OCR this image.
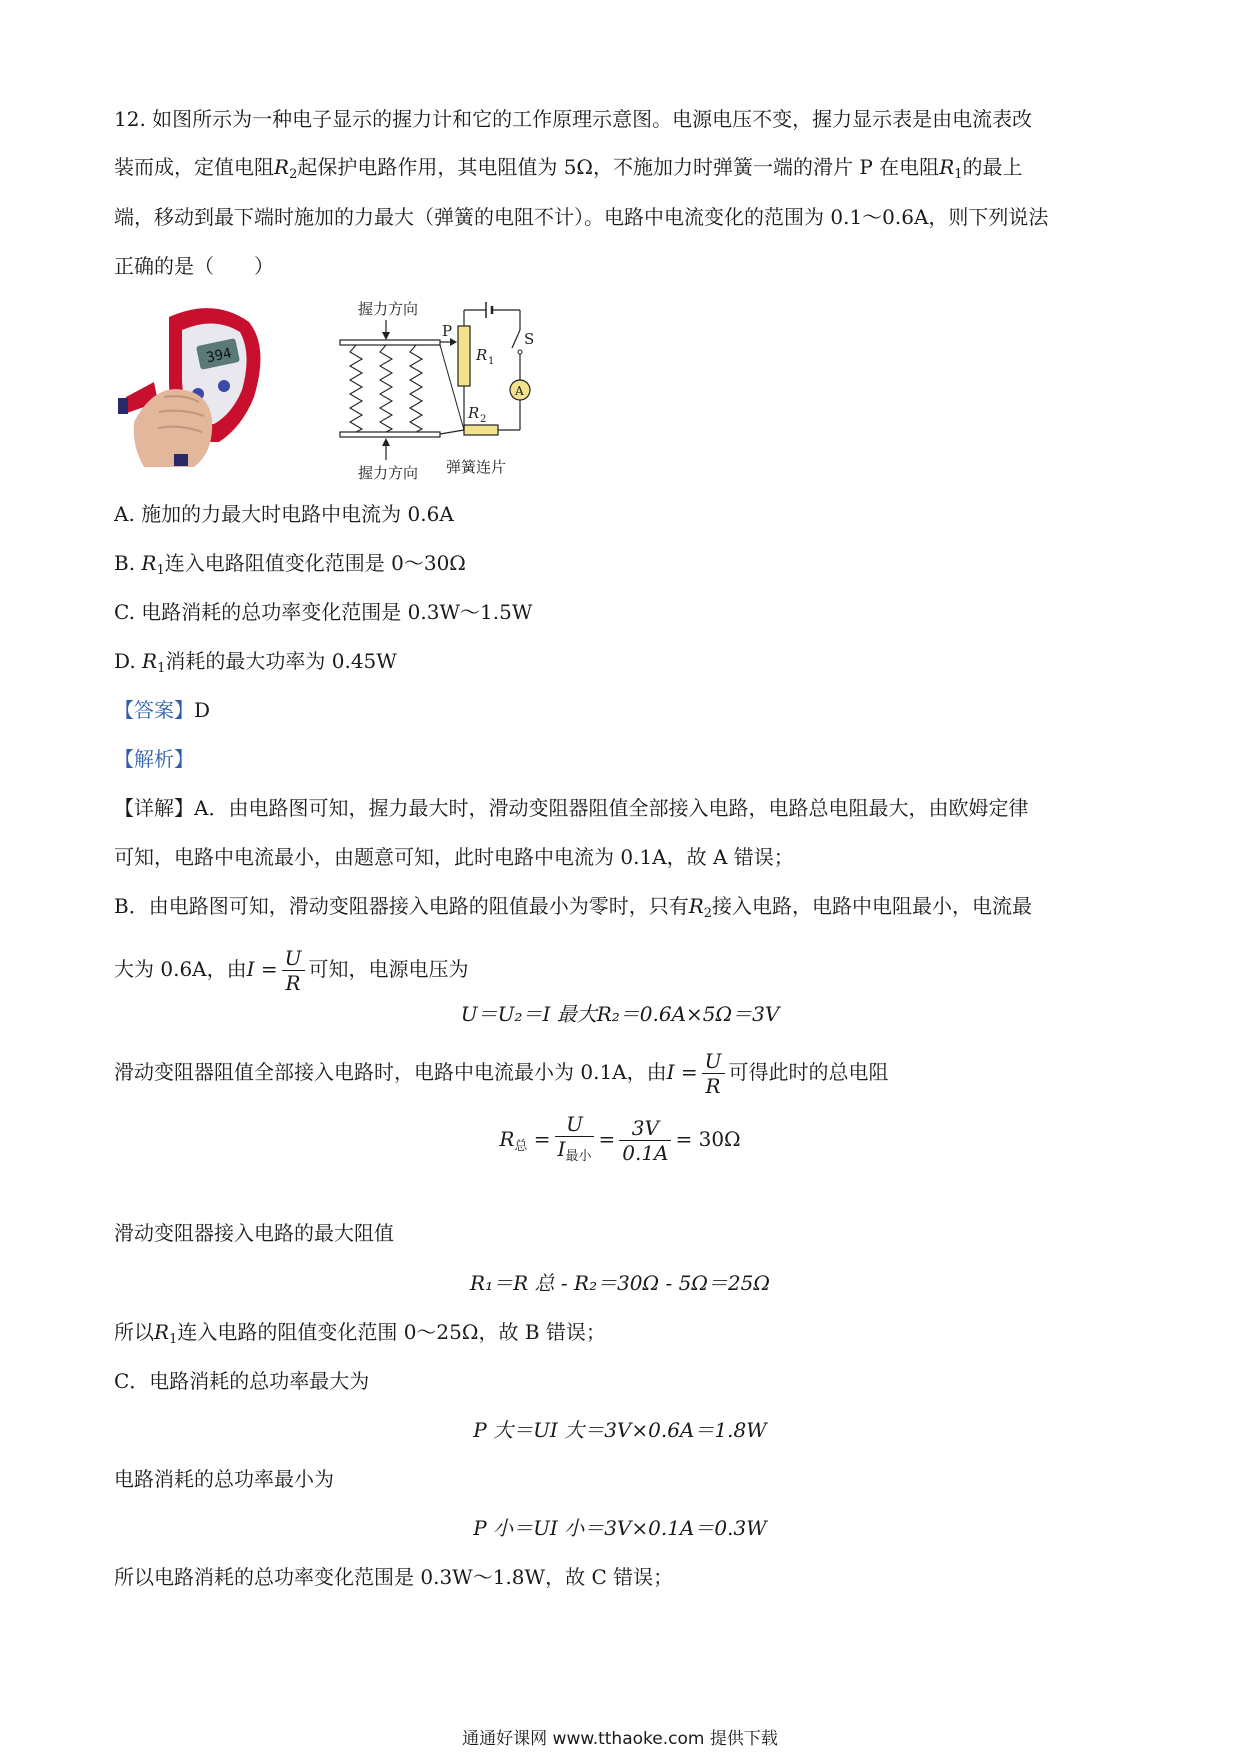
12. 如图所示为一种电子显示的握力计和它的工作原理示意图。电源电压不变，握力显示表是由电流表改
装而成，定值电阻$R_2$起保护电路作用，其电阻值为 5Ω，不施加力时弹簧一端的滑片 P 在电阻$R_1$的最上
端，移动到最下端时施加的力最大（弹簧的电阻不计）。电路中电流变化的范围为 0.1～0.6A，则下列说法
正确的是（　　）
394
握力方向
P
R 1
S
A
R 2
握力方向 弹簧连片
A. 施加的力最大时电路中电流为 0.6A
B. $R_1$连入电路阻值变化范围是 0～30Ω
C. 电路消耗的总功率变化范围是 0.3W～1.5W
D. $R_1$消耗的最大功率为 0.45W
【答案】D
【解析】
【详解】A．由电路图可知，握力最大时，滑动变阻器阻值全部接入电路，电路总电阻最大，由欧姆定律
可知，电路中电流最小，由题意可知，此时电路中电流为 0.1A，故 A 错误；
B．由电路图可知，滑动变阻器接入电路的阻值最小为零时，只有$R_2$接入电路，电路中电阻最小，电流最
大为 0.6A，由$I = \frac{U}{R}$ 可知，电源电压为
U＝U₂＝I 最大R₂＝0.6A×5Ω＝3V
滑动变阻器阻值全部接入电路时，电路中电流最小为 0.1A，由$I = \frac{U}{R}$ 可得此时的总电阻
$R_总 = \frac{U}{I_{最小}} = \frac{3V}{0.1A} = 30\Omega$
滑动变阻器接入电路的最大阻值
R₁＝R 总 - R₂＝30Ω - 5Ω＝25Ω
所以$R_1$连入电路的阻值变化范围 0～25Ω，故 B 错误；
C．电路消耗的总功率最大为
P 大＝UI 大＝3V×0.6A＝1.8W
电路消耗的总功率最小为
P 小＝UI 小＝3V×0.1A＝0.3W
所以电路消耗的总功率变化范围是 0.3W～1.8W，故 C 错误；
通通好课网 www.tthaoke.com 提供下载
